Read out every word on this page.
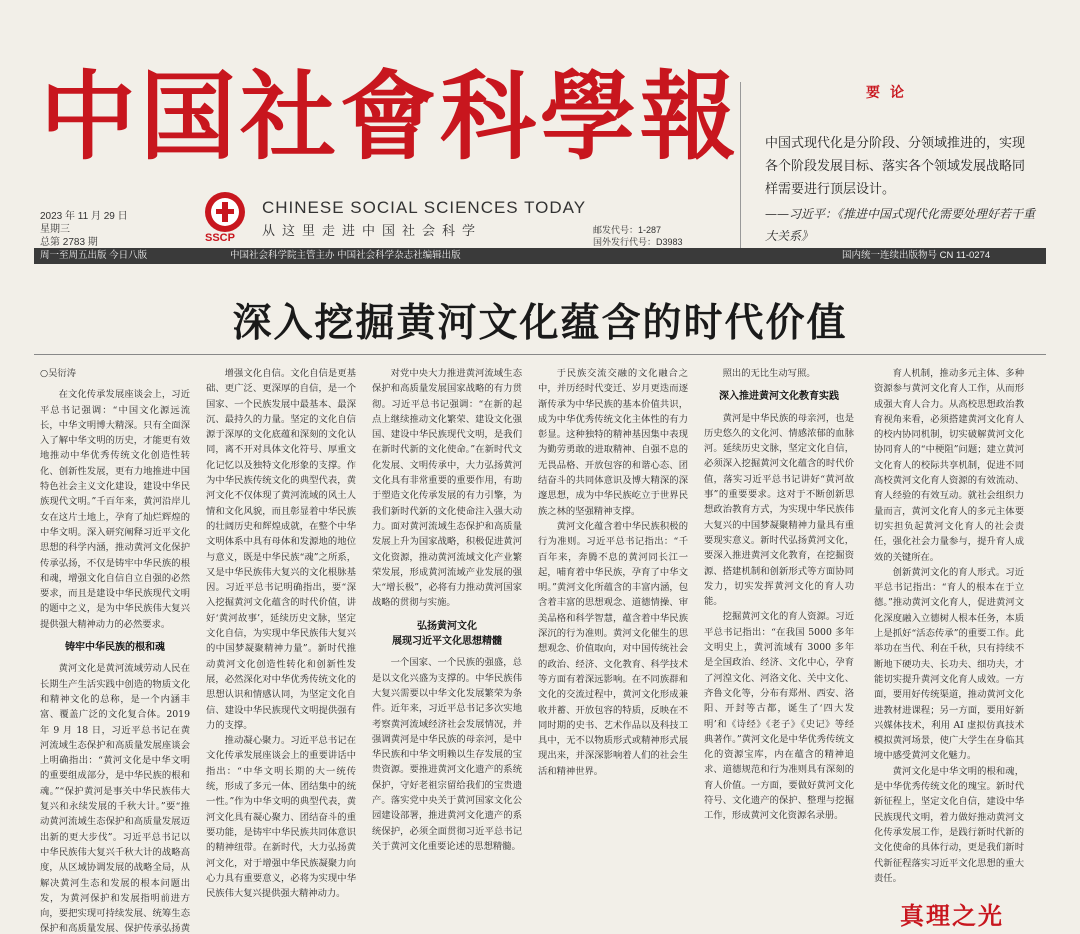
中国社會科學報
2023 年 11 月 29 日
星期三
总第 2783 期	SSCP
CHINESE SOCIAL SCIENCES TODAY
从这里走进中国社会科学	邮发代号：1-287
国外发行代号：D3983
要论
中国式现代化是分阶段、分领域推进的，实现各个阶段发展目标、落实各个领域发展战略同样需要进行顶层设计。
——习近平：《推进中国式现代化需要处理好若干重大关系》
周一至周五出版 今日八版	中国社会科学院主管主办 中国社会科学杂志社编辑出版	国内统一连续出版物号 CN 11-0274
深入挖掘黄河文化蕴含的时代价值
○吴衍涛

在文化传承发展座谈会上，习近平总书记强调：“中国文化源远流长，中华文明博大精深。只有全面深入了解中华文明的历史，才能更有效地推动中华优秀传统文化创造性转化、创新性发展，更有力地推进中国特色社会主义文化建设，建设中华民族现代文明。”千百年来，黄河沿岸儿女在这片土地上，孕育了灿烂辉煌的中华文明。深入研究阐释习近平文化思想的科学内涵，推动黄河文化保护传承弘扬，不仅是铸牢中华民族的根和魂，增强文化自信自立自强的必然要求，而且是建设中华民族现代文明的题中之义，是为中华民族伟大复兴提供强大精神动力的必然要求。

铸牢中华民族的根和魂

黄河文化是黄河流域劳动人民在长期生产生活实践中创造的物质文化和精神文化的总称，是一个内涵丰富、覆盖广泛的文化复合体。2019 年 9 月 18 日，习近平总书记在黄河流域生态保护和高质量发展座谈会上明确指出：“黄河文化是中华文明的重要组成部分，是中华民族的根和魂。”“保护黄河是事关中华民族伟大复兴和永续发展的千秋大计。”要“推动黄河流域生态保护和高质量发展迈出新的更大步伐”。习近平总书记以中华民族伟大复兴千秋大计的战略高度，从区域协调发展的战略全局，从解决黄河生态和发展的根本问题出发，为黄河保护和发展指明前进方向，要把实现可持续发展、统筹生态保护和高质量发展、保护传承弘扬黄

增强文化自信。文化自信是更基础、更广泛、更深厚的自信，是一个国家、一个民族发展中最基本、最深沉、最持久的力量。坚定的文化自信源于深厚的文化底蕴和深刻的文化认同，离不开对具体文化符号、厚重文化记忆以及独特文化形象的支撑。作为中华民族传统文化的典型代表，黄河文化不仅体现了黄河流域的风土人情和文化风貌，而且彰显着中华民族的壮阔历史和辉煌成就，在整个中华文明体系中具有母体和发源地的地位与意义，既是中华民族“魂”之所系，又是中华民族伟大复兴的文化根脉基因。习近平总书记明确指出，要“深入挖掘黄河文化蕴含的时代价值，讲好‘黄河故事’，延续历史文脉，坚定文化自信，为实现中华民族伟大复兴的中国梦凝聚精神力量”。新时代推动黄河文化创造性转化和创新性发展，必然深化对中华优秀传统文化的思想认识和情感认同，为坚定文化自信、建设中华民族现代文明提供强有力的支撑。

推动凝心聚力。习近平总书记在文化传承发展座谈会上的重要讲话中指出：“中华文明长期的大一统传统，形成了多元一体、团结集中的统一性。”作为中华文明的典型代表，黄河文化具有凝心聚力、团结奋斗的重要功能，是铸牢中华民族共同体意识的精神纽带。在新时代，大力弘扬黄河文化，对于增强中华民族凝聚力向心力具有重要意义，必将为实现中华民族伟大复兴提供强大精神动力。

对党中央大力推进黄河流域生态保护和高质量发展国家战略的有力贯彻。习近平总书记强调：“在新的起点上继续推动文化繁荣、建设文化强国、建设中华民族现代文明，是我们在新时代新的文化使命。”在新时代文化发展、文明传承中，大力弘扬黄河文化具有非常重要的重要作用，有助于塑造文化传承发展的有力引擎，为我们新时代新的文化使命注入强大动力。面对黄河流域生态保护和高质量发展上升为国家战略，积极促进黄河文化资源，推动黄河流域文化产业繁荣发展，形成黄河流域产业发展的强大“增长极”，必将有力推动黄河国家战略的贯彻与实施。

弘扬黄河文化
展现习近平文化思想精髓

一个国家、一个民族的强盛，总是以文化兴盛为支撑的。中华民族伟大复兴需要以中华文化发展繁荣为条件。近年来，习近平总书记多次实地考察黄河流域经济社会发展情况，并强调黄河是中华民族的母亲河，是中华民族和中华文明赖以生存发展的宝贵资源。要推进黄河文化遗产的系统保护，守好老祖宗留给我们的宝贵遗产。落实党中央关于黄河国家文化公园建设部署，推进黄河文化遗产的系统保护，必须全面贯彻习近平总书记关于黄河文化重要论述的思想精髓。

于民族交流交融的文化融合之中，并历经时代变迁、岁月更迭而逐渐传承为中华民族的基本价值共识，成为中华优秀传统文化主体性的有力彰显。这种独特的精神基因集中表现为勤劳勇敢的进取精神、自强不息的无畏品格、开放包容的和谐心态、团结奋斗的共同体意识及博大精深的深邃思想，成为中华民族屹立于世界民族之林的坚强精神支撑。

黄河文化蕴含着中华民族积极的行为准则。习近平总书记指出：“千百年来，奔腾不息的黄河同长江一起，哺育着中华民族，孕育了中华文明。”黄河文化所蕴含的丰富内涵，包含着丰富的思想观念、道德情操、审美品格和科学智慧，蕴含着中华民族深沉的行为准则。黄河文化催生的思想观念、价值取向，对中国传统社会的政治、经济、文化教育、科学技术等方面有着深远影响。在不同族群和文化的交流过程中，黄河文化形成兼收并蓄、开放包容的特质，反映在不同时期的史书、艺术作品以及科技工具中，无不以物质形式或精神形式展现出来，并深深影响着人们的社会生活和精神世界。

照出的无比生动写照。

深入推进黄河文化教育实践

黄河是中华民族的母亲河，也是历史悠久的文化河、情感浓郁的血脉河。延续历史文脉，坚定文化自信，必须深入挖掘黄河文化蕴含的时代价值，落实习近平总书记讲好“黄河故事”的重要要求。这对于不断创新思想政治教育方式，为实现中华民族伟大复兴的中国梦凝聚精神力量具有重要现实意义。新时代弘扬黄河文化，要深入推进黄河文化教育，在挖掘资源、搭建机制和创新形式等方面协同发力，切实发挥黄河文化的育人功能。

挖掘黄河文化的育人资源。习近平总书记指出：“在我国 5000 多年文明史上，黄河流域有 3000 多年是全国政治、经济、文化中心，孕育了河湟文化、河洛文化、关中文化、齐鲁文化等，分布有郑州、西安、洛阳、开封等古都，诞生了‘四大发明’和《诗经》《老子》《史记》等经典著作。”黄河文化是中华优秀传统文化的资源宝库，内在蕴含的精神追求、道德规范和行为准则具有深刻的育人价值。一方面，要做好黄河文化符号、文化遗产的保护、整理与挖掘工作，形成黄河文化资源名录册。

育人机制，推动多元主体、多种资源参与黄河文化育人工作，从而形成强大育人合力。从高校思想政治教育视角来看，必须搭建黄河文化育人的校内协同机制，切实破解黄河文化协同育人的“中梗阻”问题；建立黄河文化育人的校际共享机制，促进不同高校黄河文化育人资源的有效流动、育人经验的有效互动。就社会组织力量而言，黄河文化育人的多元主体要切实担负起黄河文化育人的社会责任，强化社会力量参与，提升育人成效的关键所在。

创新黄河文化的育人形式。习近平总书记指出：“育人的根本在于立德。”推动黄河文化育人，促进黄河文化深度融入立德树人根本任务，本质上是抓好“活态传承”的重要工作。此举功在当代、利在千秋，只有持续不断地下硬功夫、长功夫、细功夫，才能切实提升黄河文化育人成效。一方面，要用好传统渠道，推动黄河文化进教材进课程；另一方面，要用好新兴媒体技术，利用 AI 虚拟仿真技术模拟黄河场景，使广大学生在身临其境中感受黄河文化魅力。

黄河文化是中华文明的根和魂，是中华优秀传统文化的瑰宝。新时代新征程上，坚定文化自信，建设中华民族现代文明，着力做好推动黄河文化传承发展工作，是践行新时代新的文化使命的具体行动，更是我们新时代新征程落实习近平文化思想的重大责任。

真理之光
